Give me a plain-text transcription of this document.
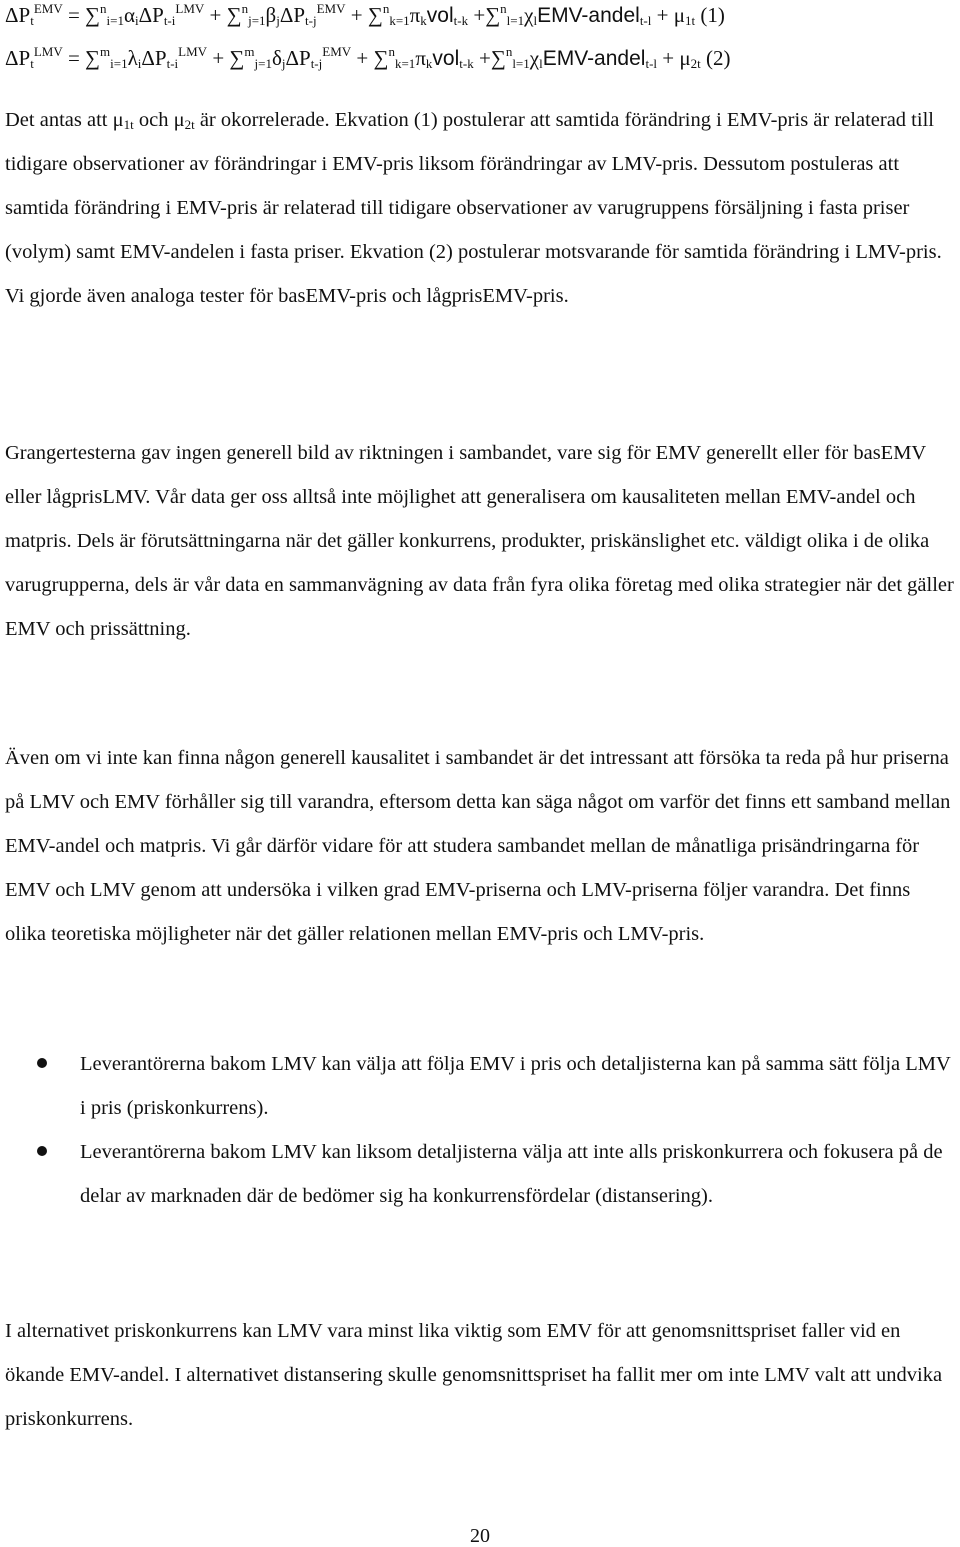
$\Delta P_t^{EMV} = \sum^n_{i=1}\alpha_i\Delta P_{t-i}^{LMV} + \sum^n_{j=1}\beta_j\Delta P_{t-j}^{EMV} + \sum^n_{k=1}\pi_kvol_{t-k}$ $+\sum^n_{l=1}\chi_lEMV-andel_{t-l} + \mu_{1t}$ (1)
$\Delta P_t^{LMV} = \sum^m_{i=1}\lambda_i\Delta P_{t-i}^{LMV} + \sum^m_{j=1}\delta_j\Delta P_{t-j}^{EMV} + \sum^n_{k=1}\pi_kvol_{t-k}$ $+\sum^n_{l=1}\chi_lEMV-andel_{t-l} + \mu_{2t}$ (2)

Det antas att $\mu_{1t}$ och $\mu_{2t}$ är okorrelerade. Ekvation (1) postulerar att samtida förändring i EMV-pris är relaterad till tidigare observationer av förändringar i EMV-pris liksom förändringar av LMV-pris. Dessutom postuleras att samtida förändring i EMV-pris är relaterad till tidigare observationer av varugruppens försäljning i fasta priser (volym) samt EMV-andelen i fasta priser. Ekvation (2) postulerar motsvarande för samtida förändring i LMV-pris. Vi gjorde även analoga tester för basEMV-pris och lågprisEMV-pris.

Grangertesterna gav ingen generell bild av riktningen i sambandet, vare sig för EMV generellt eller för basEMV eller lågprisLMV. Vår data ger oss alltså inte möjlighet att generalisera om kausaliteten mellan EMV-andel och matpris. Dels är förutsättningarna när det gäller konkurrens, produkter, priskänslighet etc. väldigt olika i de olika varugrupperna, dels är vår data en sammanvägning av data från fyra olika företag med olika strategier när det gäller EMV och prissättning.

Även om vi inte kan finna någon generell kausalitet i sambandet är det intressant att försöka ta reda på hur priserna på LMV och EMV förhåller sig till varandra, eftersom detta kan säga något om varför det finns ett samband mellan EMV-andel och matpris. Vi går därför vidare för att studera sambandet mellan de månatliga prisändringarna för EMV och LMV genom att undersöka i vilken grad EMV-priserna och LMV-priserna följer varandra. Det finns olika teoretiska möjligheter när det gäller relationen mellan EMV-pris och LMV-pris.

Leverantörerna bakom LMV kan välja att följa EMV i pris och detaljisterna kan på samma sätt följa LMV i pris (priskonkurrens).
Leverantörerna bakom LMV kan liksom detaljisterna välja att inte alls priskonkurrera och fokusera på de delar av marknaden där de bedömer sig ha konkurrensfördelar (distansering).

I alternativet priskonkurrens kan LMV vara minst lika viktig som EMV för att genomsnittspriset faller vid en ökande EMV-andel. I alternativet distansering skulle genomsnittspriset ha fallit mer om inte LMV valt att undvika priskonkurrens.

20
